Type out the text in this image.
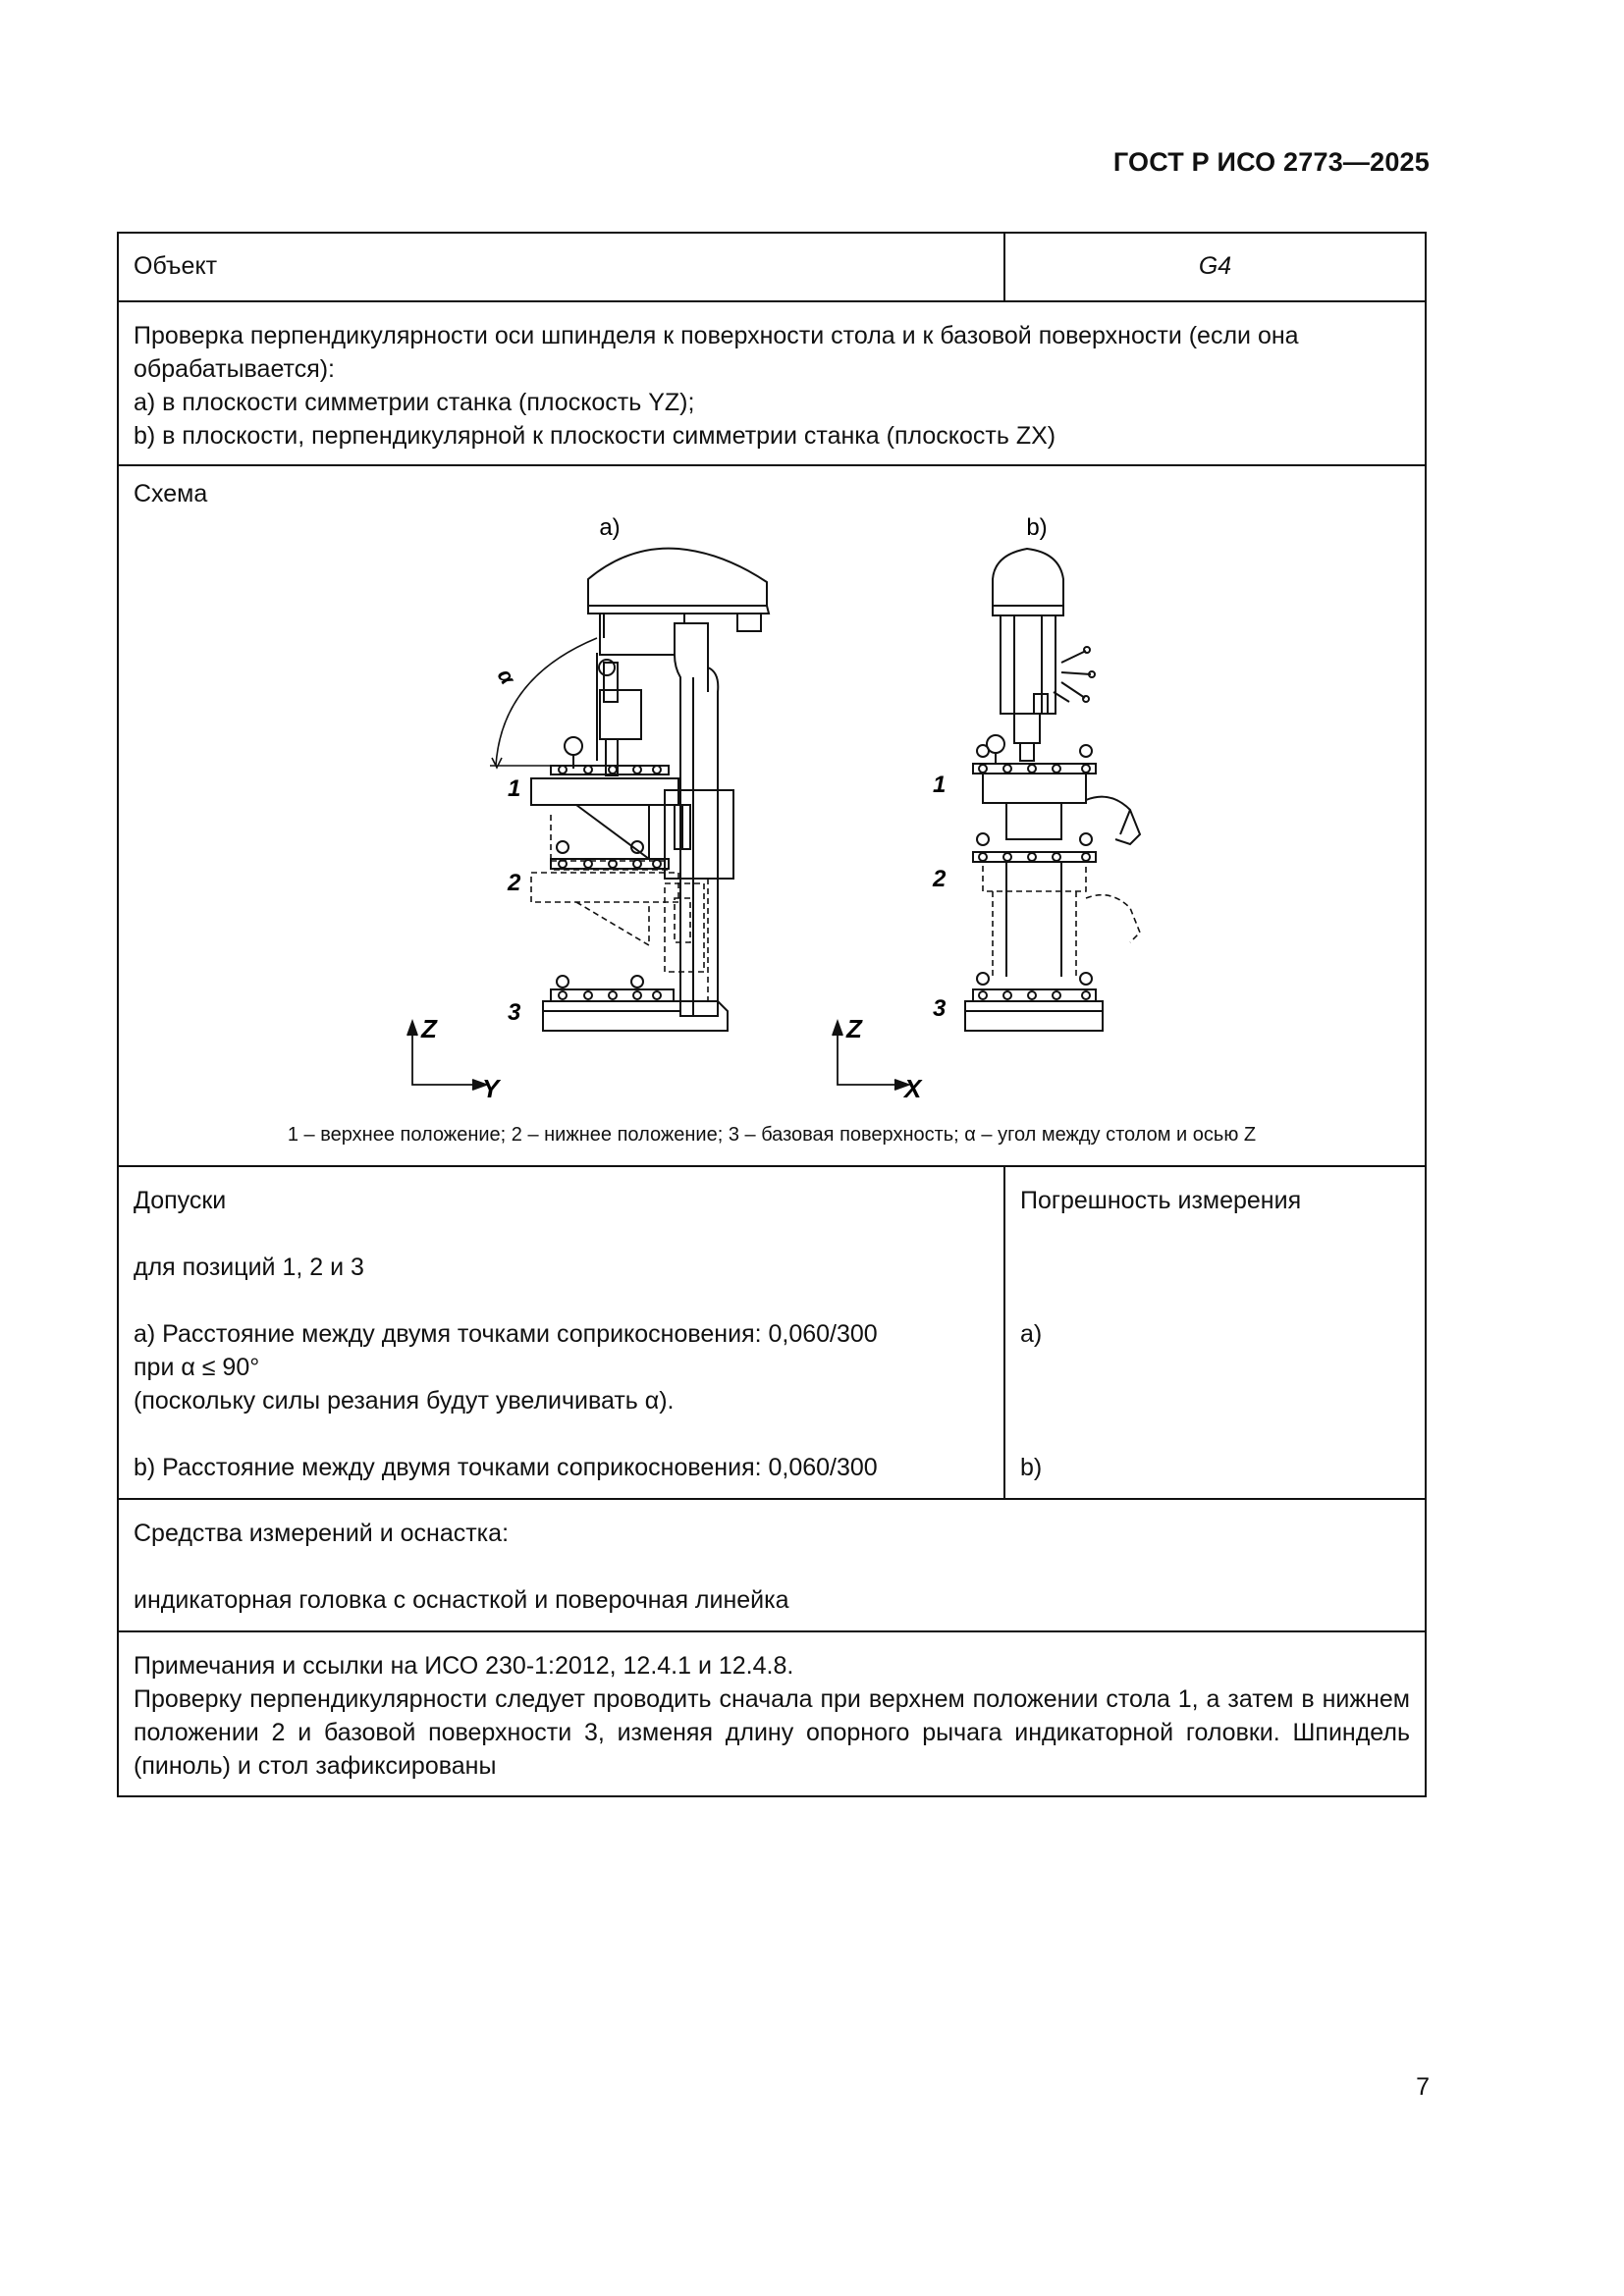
ГОСТ Р ИСО 2773—2025
Объект	G4

a) в плоскости симметрии станка (плоскость YZ);

b) в плоскости, перпендикулярной к плоскости симметрии станка (плоскость ZX)

Проверка перпендикулярности оси шпинделя к поверхности стола и к базовой поверхности (если она обрабатывается):

Схема
a)	b)
α
1
2
3
1
2
3
Z
Y
Z
X
1 – верхнее положение; 2 – нижнее положение; 3 – базовая поверхность; α – угол между столом и осью Z

Допуски

для позиций 1, 2 и 3

a) Расстояние между двумя точками соприкосновения: 0,060/300

при α ≤ 90°

(поскольку силы резания будут увеличивать α).

b) Расстояние между двумя точками соприкосновения: 0,060/300

Погрешность измерения

a)

b)

Средства измерений и оснастка:

индикаторная головка с оснасткой и поверочная линейка

Примечания и ссылки на ИСО 230-1:2012, 12.4.1 и 12.4.8.

Проверку перпендикулярности следует проводить сначала при верхнем положении стола 1, а затем в нижнем положении 2 и базовой поверхности 3, изменяя длину опорного рычага индикаторной головки. Шпиндель (пиноль) и стол зафиксированы

7
